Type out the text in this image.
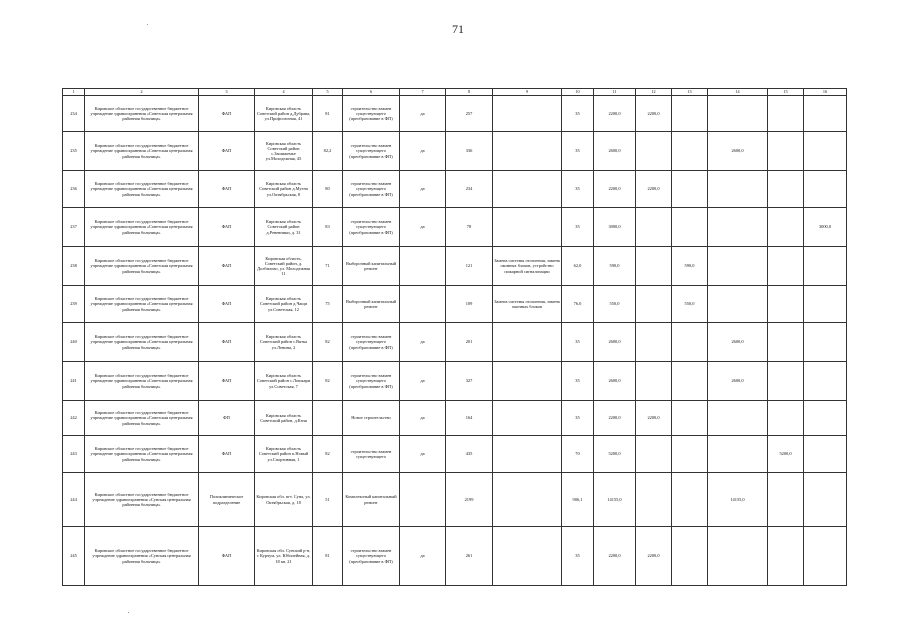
71
1	2	3	4	5	6	7	8	9	10	11	12	13	14	15	16
234	Кировское областное государственное бюджетное учреждение здравоохранения «Советская центральная районная больница»	ФАП	Кировская область Советский район д.Дубрава, ул.Профсоюзная, 41	81	строительство взамен существующего (преобразование в ФП)	да	257		35	2200,0	2200,0				
235	Кировское областное государственное бюджетное учреждение здравоохранения «Советская центральная районная больница»	ФАП	Кировская область Советский район с.Зашижемье ул.Молодежная, 45	82,2	строительство взамен существующего (преобразование в ФП)	да	336		35	2600,0			2600,0		
236	Кировское областное государственное бюджетное учреждение здравоохранения «Советская центральная районная больница»	ФАП	Кировская область Советский район д.Мугна ул.Октябрьская, 8	80	строительство взамен существующего (преобразование в ФП)	да	234		35	2200,0	2200,0				
237	Кировское областное государственное бюджетное учреждение здравоохранения «Советская центральная районная больница»	ФАП	Кировская область Советский район д.Ревенники, д. 31	83	строительство взамен существующего (преобразование в ФП)	да	78		35	3000,0					3000,0
238	Кировское областное государственное бюджетное учреждение здравоохранения «Советская центральная районная больница»	ФАП	Кировская область, Советский район, д. Долбилово, ул. Молодежная 11	71	Выборочный капитальный ремонт		121	Замена системы отопления, замена оконных блоков, устройство пожарной сигнализации	62,0	590,0		590,0			
239	Кировское областное государственное бюджетное учреждение здравоохранения «Советская центральная районная больница»	ФАП	Кировская область Советский район д.Чащи ул.Советская, 12	75	Выборочный капитальный ремонт		109	Замена системы отопления, замена оконных блоков	76,0	550,0		550,0			
240	Кировское областное государственное бюджетное учреждение здравоохранения «Советская центральная районная больница»	ФАП	Кировская область Советский район с.Вятка ул.Ленина, 2	82	строительство взамен существующего (преобразование в ФП)	да	201		35	2600,0			2600,0		
241	Кировское областное государственное бюджетное учреждение здравоохранения «Советская центральная районная больница»	ФАП	Кировская область Советский район с.Лошкари ул.Советская, 7	82	строительство взамен существующего (преобразование в ФП)	да	327		35	2600,0			2600,0		
242	Кировское областное государственное бюджетное учреждение здравоохранения «Советская центральная районная больница»	ФП	Кировская область Советский район, д.Кзня		Новое строительство	да	164		35	2200,0	2200,0				
243	Кировское областное государственное бюджетное учреждение здравоохранения «Советская центральная районная больница»	ФАП	Кировская область Советский район п.Новый ул.Спортивная, 1	82	строительство взамен существующего	да	435		70	5200,0				5200,0	
244	Кировское областное государственное бюджетное учреждение здравоохранения «Сунская центральная районная больница»	Поликлиническое подразделение	Кировская обл. пгт. Суна, ул. Октябрьская, д. 18	51	Комплексный капитальный ремонт		2199		906,1	14155,0			14155,0		
245	Кировское областное государственное бюджетное учреждение здравоохранения «Сунская центральная районная больница»	ФАП	Кировская обл. Сунский р-н, с Курчум, ул. Юбилейная, д. 18 кв. 21	81	строительство взамен существующего (преобразование в ФП)	да	261		35	2200,0	2200,0				
